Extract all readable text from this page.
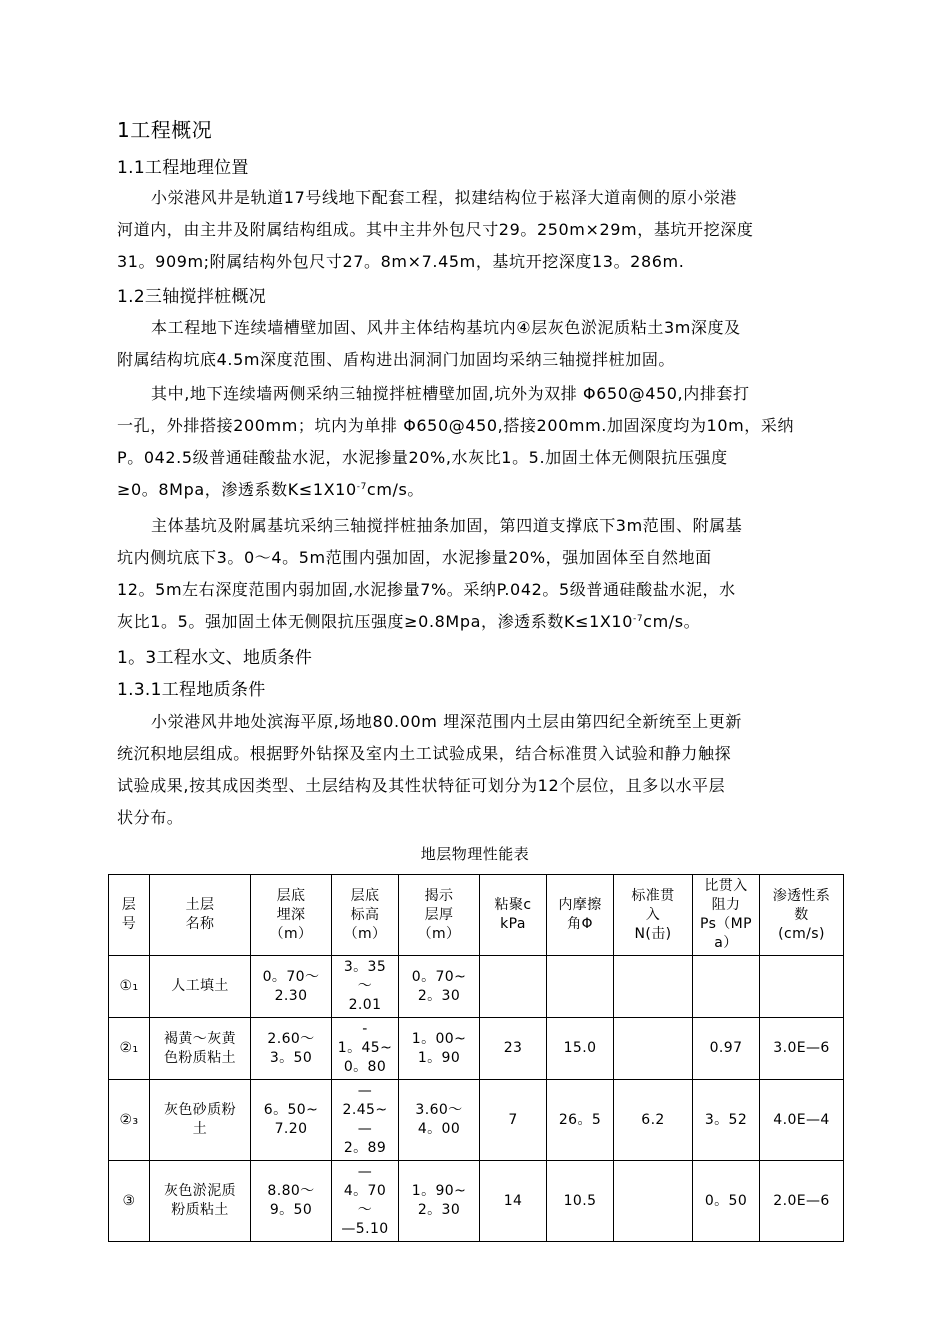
1工程概况
1.1工程地理位置
小泶港风井是轨道17号线地下配套工程，拟建结构位于崧泽大道南侧的原小泶港
河道内，由主井及附属结构组成。其中主井外包尺寸29。250m×29m，基坑开挖深度
31。909m;附属结构外包尺寸27。8m×7.45m，基坑开挖深度13。286m.
1.2三轴搅拌桩概况
本工程地下连续墙槽壁加固、风井主体结构基坑内④层灰色淤泥质粘土3m深度及
附属结构坑底4.5m深度范围、盾构进出洞洞门加固均采纳三轴搅拌桩加固。
其中,地下连续墙两侧采纳三轴搅拌桩槽壁加固,坑外为双排 Φ650@450,内排套打
一孔，外排搭接200mm；坑内为单排 Φ650@450,搭接200mm.加固深度均为10m，采纳
P。042.5级普通硅酸盐水泥，水泥掺量20%,水灰比1。5.加固土体无侧限抗压强度
≥0。8Mpa，渗透系数$K\le 1X10^{-7}cm/s$。
主体基坑及附属基坑采纳三轴搅拌桩抽条加固，第四道支撑底下3m范围、附属基
坑内侧坑底下3。0～4。5m范围内强加固，水泥掺量20%，强加固体至自然地面
12。5m左右深度范围内弱加固,水泥掺量7%。采纳P.042。5级普通硅酸盐水泥，水
灰比1。5。强加固土体无侧限抗压强度≥0.8Mpa，渗透系数$K\le 1X10^{-7}cm/s$。
1。3工程水文、地质条件
1.3.1工程地质条件
小泶港风井地处滨海平原,场地80.00m 埋深范围内土层由第四纪全新统至上更新
统沉积地层组成。根据野外钻探及室内土工试验成果，结合标准贯入试验和静力触探
试验成果,按其成因类型、土层结构及其性状特征可划分为12个层位，且多以水平层
状分布。
地层物理性能表
层
号	土层
名称	层底
埋深
（m）	层底
标高
（m）	揭示
层厚
（m）	粘聚c
kPa	内摩擦
角Φ	标准贯
入
N(击)	比贯入
阻力
Ps（MP
a）	渗透性系
数
(cm/s)

①₁	人工填土	0。70～
2.30	3。35
～
2.01	0。70~
2。30					

②₁	褐黄～灰黄
色粉质粘土	2.60～
3。50	-
1。45~
0。80	1。00~
1。90	23	15.0		0.97	3.0E—6

②₃	灰色砂质粉
土	6。50~
7.20	—
2.45~
—
2。89	3.60～
4。00	7	26。5	6.2	3。52	4.0E—4

③	灰色淤泥质
粉质粘土	8.80～
9。50	—
4。70
～
—5.10	1。90~
2。30	14	10.5		0。50	2.0E—6
